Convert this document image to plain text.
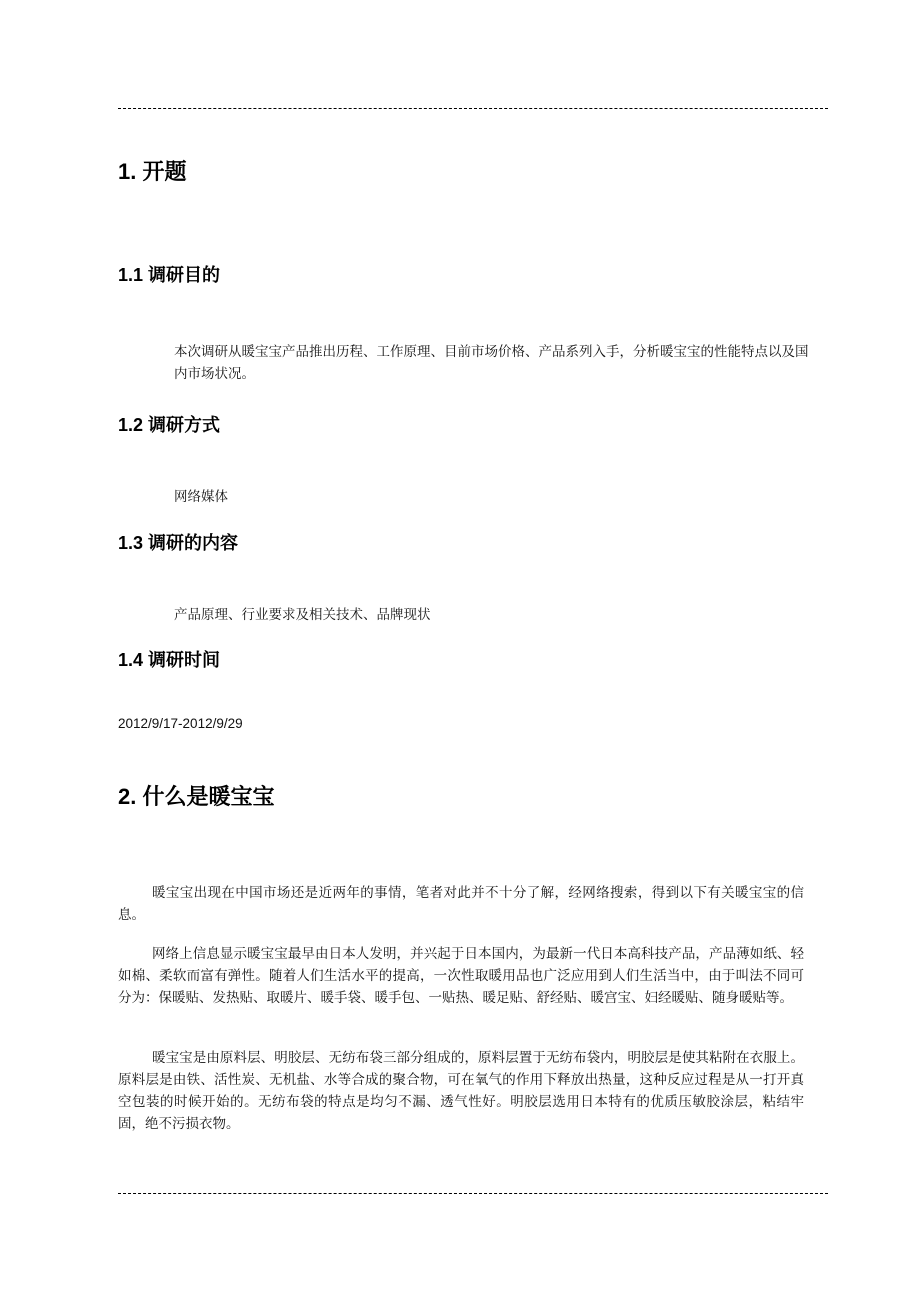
1. 开题
1.1 调研目的

本次调研从暖宝宝产品推出历程、工作原理、目前市场价格、产品系列入手，分析暖宝宝的性能特点以及国内市场状况。

1.2 调研方式

网络媒体

1.3 调研的内容

产品原理、行业要求及相关技术、品牌现状

1.4 调研时间

2012/9/17-2012/9/29

2. 什么是暖宝宝

暖宝宝出现在中国市场还是近两年的事情，笔者对此并不十分了解，经网络搜索，得到以下有关暖宝宝的信息。

网络上信息显示暖宝宝最早由日本人发明，并兴起于日本国内，为最新一代日本高科技产品，产品薄如纸、轻如棉、柔软而富有弹性。随着人们生活水平的提高，一次性取暖用品也广泛应用到人们生活当中，由于叫法不同可分为：保暖贴、发热贴、取暖片、暖手袋、暖手包、一贴热、暖足贴、舒经贴、暖宫宝、妇经暖贴、随身暖贴等。

暖宝宝是由原料层、明胶层、无纺布袋三部分组成的，原料层置于无纺布袋内，明胶层是使其粘附在衣服上。原料层是由铁、活性炭、无机盐、水等合成的聚合物，可在氧气的作用下释放出热量，这种反应过程是从一打开真空包装的时候开始的。无纺布袋的特点是均匀不漏、透气性好。明胶层选用日本特有的优质压敏胶涂层，粘结牢固，绝不污损衣物。
